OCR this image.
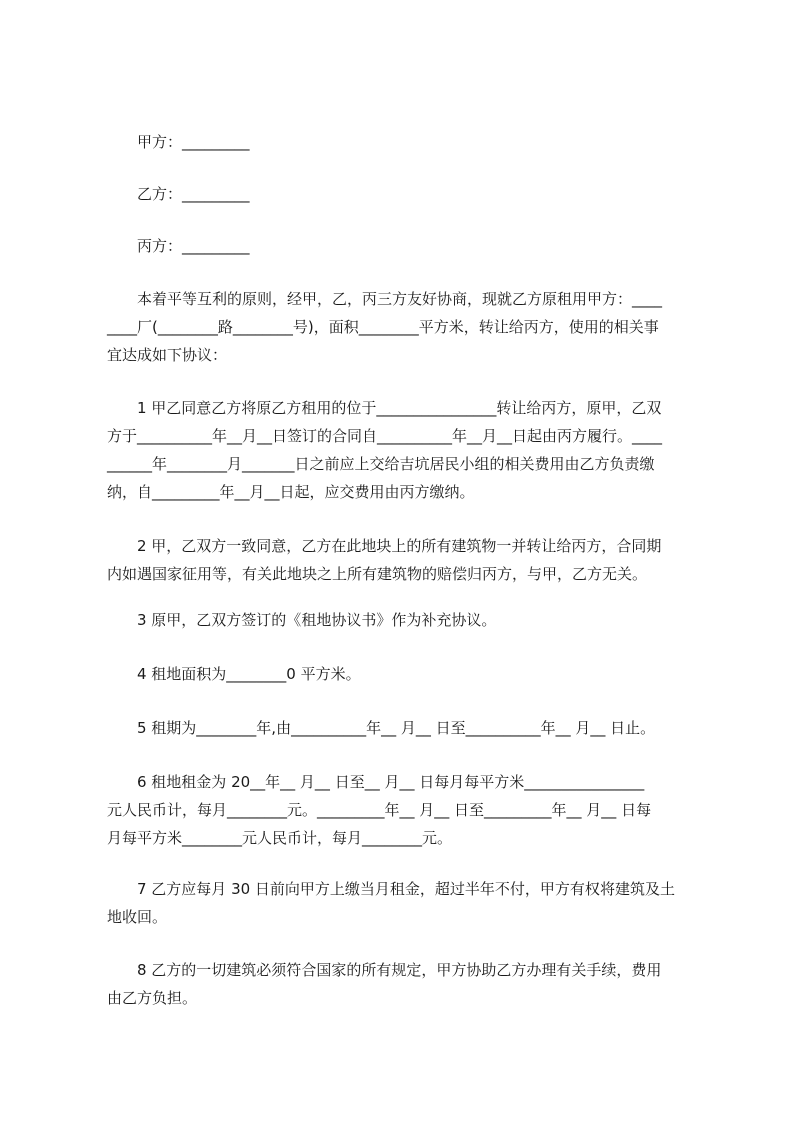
甲方：_________
乙方：_________
丙方：_________
本着平等互利的原则，经甲，乙，丙三方友好协商，现就乙方原租用甲方：____
____厂(________路________号)，面积________平方米，转让给丙方，使用的相关事
宜达成如下协议：
1 甲乙同意乙方将原乙方租用的位于________________转让给丙方，原甲，乙双
方于__________年__月__日签订的合同自__________年__月__日起由丙方履行。____
______年________月_______日之前应上交给吉坑居民小组的相关费用由乙方负责缴
纳，自_________年__月__日起，应交费用由丙方缴纳。
2 甲，乙双方一致同意，乙方在此地块上的所有建筑物一并转让给丙方，合同期
内如遇国家征用等，有关此地块之上所有建筑物的赔偿归丙方，与甲，乙方无关。
3 原甲，乙双方签订的《租地协议书》作为补充协议。
4 租地面积为________0 平方米。
5 租期为________年,由__________年__ 月__ 日至__________年__ 月__ 日止。
6 租地租金为 20__年__ 月__ 日至__ 月__ 日每月每平方米________________
元人民币计，每月________元。_________年__ 月__ 日至_________年__ 月__ 日每
月每平方米________元人民币计，每月________元。
7 乙方应每月 30 日前向甲方上缴当月租金，超过半年不付，甲方有权将建筑及土
地收回。
8 乙方的一切建筑必须符合国家的所有规定，甲方协助乙方办理有关手续，费用
由乙方负担。
